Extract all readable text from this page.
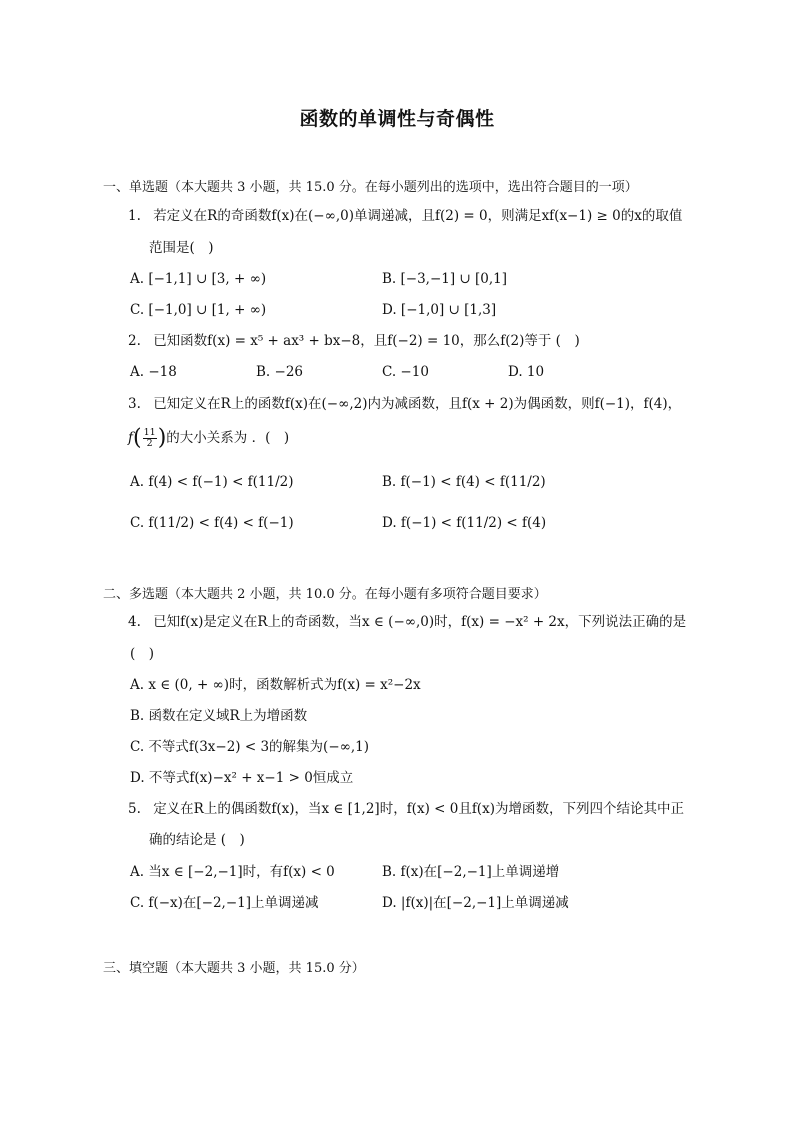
函数的单调性与奇偶性
一、单选题（本大题共 3 小题，共 15.0 分。在每小题列出的选项中，选出符合题目的一项）
1. 若定义在R的奇函数f(x)在(−∞,0)单调递减，且f(2) = 0，则满足xf(x−1) ≥ 0的x的取值
范围是(　)
A. [−1,1] ∪ [3, + ∞)	B. [−3,−1] ∪ [0,1]
C. [−1,0] ∪ [1, + ∞)	D. [−1,0] ∪ [1,3]
2. 已知函数f(x) = x⁵ + ax³ + bx−8，且f(−2) = 10，那么f(2)等于 (　)
A. −18	B. −26	C. −10	D. 10
3. 已知定义在R上的函数f(x)在(−∞,2)内为减函数，且f(x + 2)为偶函数，则f(−1)，f(4)，
$f( \frac{11}{2}$ )的大小关系为 ．(　)
A. f(4) < f(−1) < f(11/2)	B. f(−1) < f(4) < f(11/2)
C. f(11/2) < f(4) < f(−1)	D. f(−1) < f(11/2) < f(4)
二、多选题（本大题共 2 小题，共 10.0 分。在每小题有多项符合题目要求）
4. 已知f(x)是定义在R上的奇函数，当x ∈ (−∞,0)时，f(x) = −x² + 2x，下列说法正确的是
(　)
A. x ∈ (0, + ∞)时，函数解析式为f(x) = x²−2x
B. 函数在定义域R上为增函数
C. 不等式f(3x−2) < 3的解集为(−∞,1)
D. 不等式f(x)−x² + x−1 > 0恒成立
5. 定义在R上的偶函数f(x)，当x ∈ [1,2]时，f(x) < 0且f(x)为增函数，下列四个结论其中正
确的结论是 (　)
A. 当x ∈ [−2,−1]时，有f(x) < 0	B. f(x)在[−2,−1]上单调递增
C. f(−x)在[−2,−1]上单调递减	D. |f(x)|在[−2,−1]上单调递减
三、填空题（本大题共 3 小题，共 15.0 分）
